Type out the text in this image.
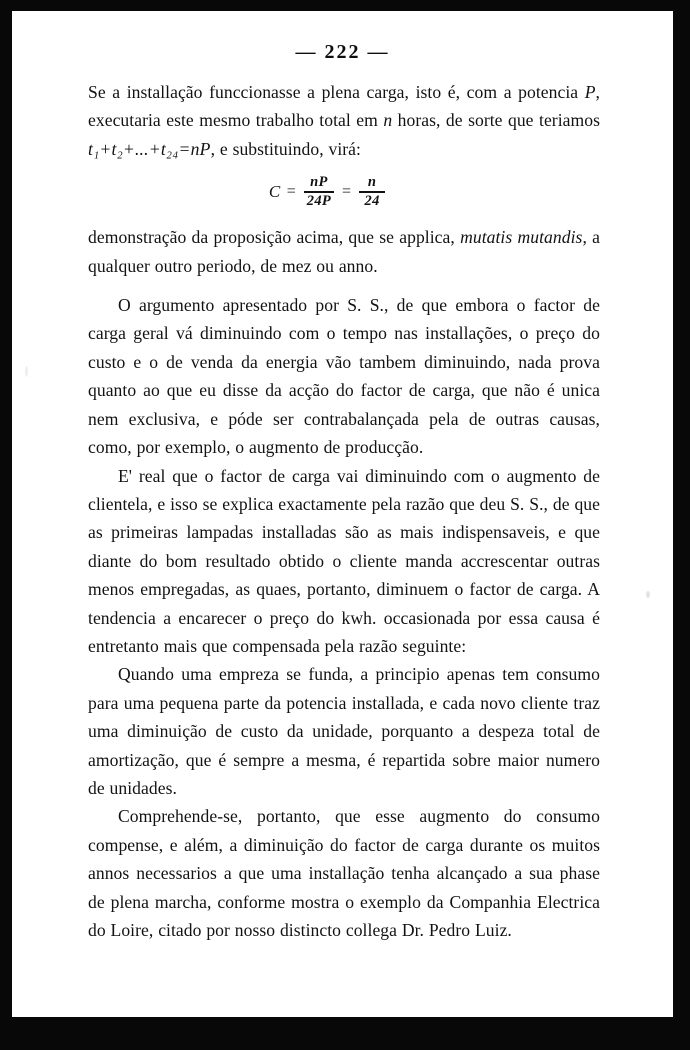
— 222 —

Se a installação funccionasse a plena carga, isto é, com a potencia P, executaria este mesmo trabalho total em n horas, de sorte que teriamos t₁+t₂+...+t₂₄=nP, e substituindo, virá:

$C = \frac{nP}{24P} = \frac{n}{24}$

demonstração da proposição acima, que se applica, mutatis mutandis, a qualquer outro periodo, de mez ou anno.

O argumento apresentado por S. S., de que embora o factor de carga geral vá diminuindo com o tempo nas installações, o preço do custo e o de venda da energia vão tambem diminuindo, nada prova quanto ao que eu disse da acção do factor de carga, que não é unica nem exclusiva, e póde ser contrabalançada pela de outras causas, como, por exemplo, o augmento de producção.

E' real que o factor de carga vai diminuindo com o augmento de clientela, e isso se explica exactamente pela razão que deu S. S., de que as primeiras lampadas installadas são as mais indispensaveis, e que diante do bom resultado obtido o cliente manda accrescentar outras menos empregadas, as quaes, portanto, diminuem o factor de carga. A tendencia a encarecer o preço do kwh. occasionada por essa causa é entretanto mais que compensada pela razão seguinte:

Quando uma empreza se funda, a principio apenas tem consumo para uma pequena parte da potencia installada, e cada novo cliente traz uma diminuição de custo da unidade, porquanto a despeza total de amortização, que é sempre a mesma, é repartida sobre maior numero de unidades.

Comprehende-se, portanto, que esse augmento do consumo compense, e além, a diminuição do factor de carga durante os muitos annos necessarios a que uma installação tenha alcançado a sua phase de plena marcha, conforme mostra o exemplo da Companhia Electrica do Loire, citado por nosso distincto collega Dr. Pedro Luiz.
